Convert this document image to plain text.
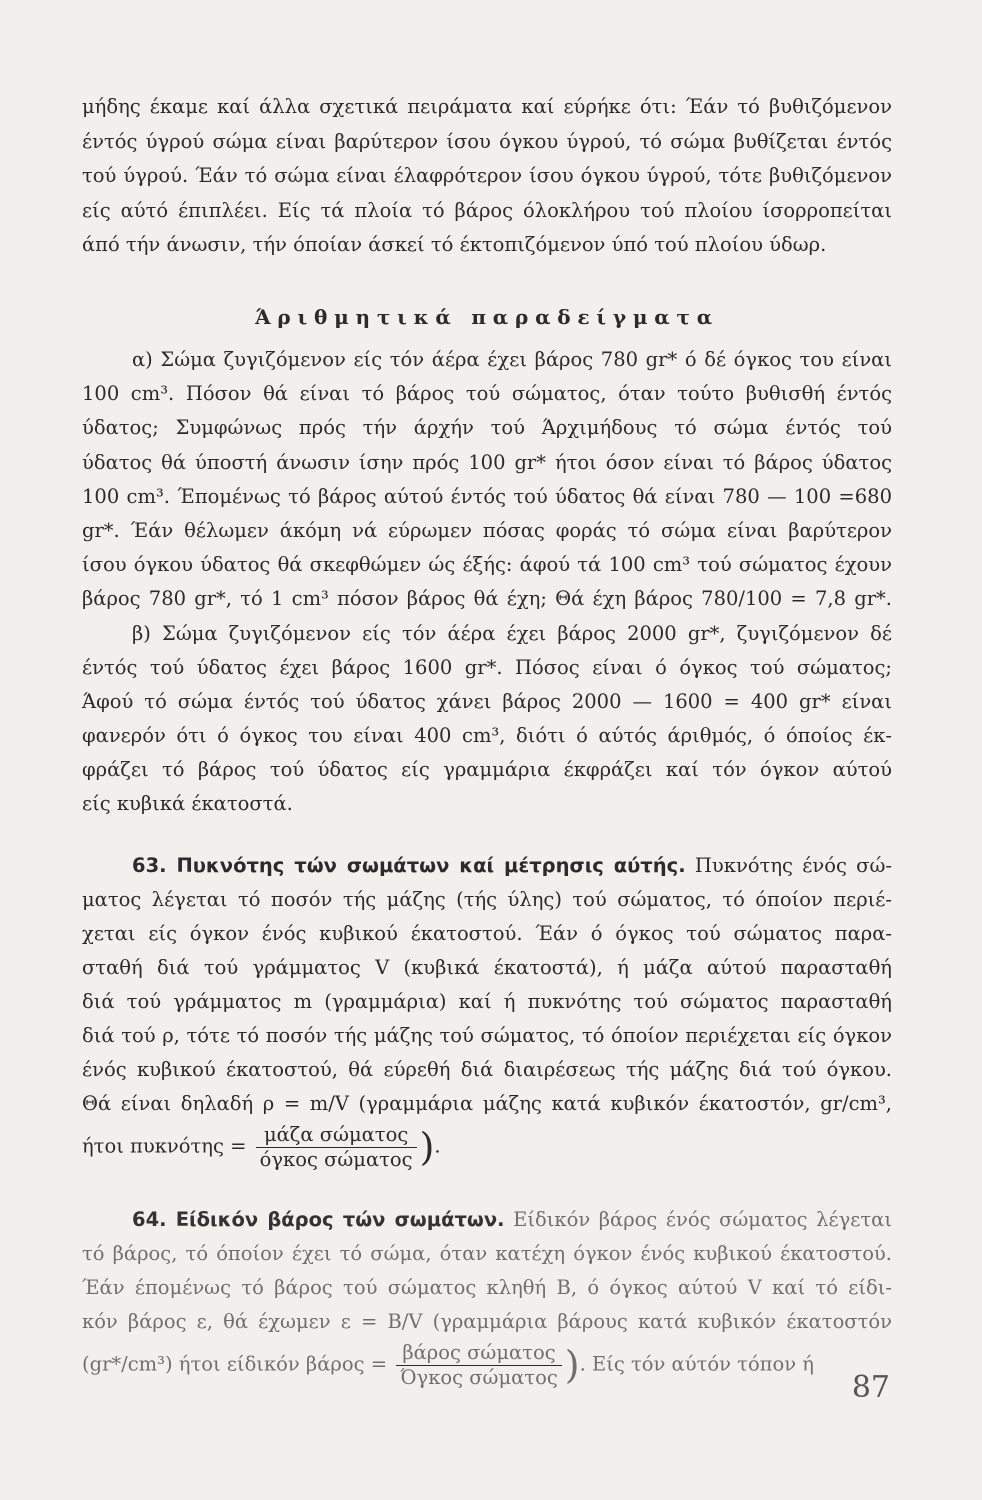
μήδης έκαμε καί άλλα σχετικά πειράματα καί εύρήκε ότι: Έάν τό βυθιζόμενον
έντός ύγρού σώμα είναι βαρύτερον ίσου όγκου ύγρού, τό σώμα βυθίζεται έντός
τού ύγρού. Έάν τό σώμα είναι έλαφρότερον ίσου όγκου ύγρού, τότε βυθιζόμενον
είς αύτό έπιπλέει. Είς τά πλοία τό βάρος όλοκλήρου τού πλοίου ίσορροπείται
άπό τήν άνωσιν, τήν όποίαν άσκεί τό έκτοπιζόμενον ύπό τού πλοίου ύδωρ.
Άριθμητικά παραδείγματα
α) Σώμα ζυγιζόμενον είς τόν άέρα έχει βάρος 780 gr* ό δέ όγκος του είναι
100 cm³. Πόσον θά είναι τό βάρος τού σώματος, όταν τούτο βυθισθή έντός
ύδατος; Συμφώνως πρός τήν άρχήν τού Άρχιμήδους τό σώμα έντός τού
ύδατος θά ύποστή άνωσιν ίσην πρός 100 gr* ήτοι όσον είναι τό βάρος ύδατος
100 cm³. Έπομένως τό βάρος αύτού έντός τού ύδατος θά είναι 780 — 100 =680
gr*. Έάν θέλωμεν άκόμη νά εύρωμεν πόσας φοράς τό σώμα είναι βαρύτερον
ίσου όγκου ύδατος θά σκεφθώμεν ώς έξής: άφού τά 100 cm³ τού σώματος έχουν
βάρος 780 gr*, τό 1 cm³ πόσον βάρος θά έχη; Θά έχη βάρος 780/100 = 7,8 gr*.
β) Σώμα ζυγιζόμενον είς τόν άέρα έχει βάρος 2000 gr*, ζυγιζόμενον δέ
έντός τού ύδατος έχει βάρος 1600 gr*. Πόσος είναι ό όγκος τού σώματος;
Άφού τό σώμα έντός τού ύδατος χάνει βάρος 2000 — 1600 = 400 gr* είναι
φανερόν ότι ό όγκος του είναι 400 cm³, διότι ό αύτός άριθμός, ό όποίος έκ-
φράζει τό βάρος τού ύδατος είς γραμμάρια έκφράζει καί τόν όγκον αύτού
είς κυβικά έκατοστά.
63. Πυκνότης τών σωμάτων καί μέτρησις αύτής. Πυκνότης ένός σώ-
ματος λέγεται τό ποσόν τής μάζης (τής ύλης) τού σώματος, τό όποίον περιέ-
χεται είς όγκον ένός κυβικού έκατοστού. Έάν ό όγκος τού σώματος παρα-
σταθή διά τού γράμματος V (κυβικά έκατοστά), ή μάζα αύτού παρασταθή
διά τού γράμματος m (γραμμάρια) καί ή πυκνότης τού σώματος παρασταθή
διά τού ρ, τότε τό ποσόν τής μάζης τού σώματος, τό όποίον περιέχεται είς όγκον
ένός κυβικού έκατοστού, θά εύρεθή διά διαιρέσεως τής μάζης διά τού όγκου.
Θά είναι δηλαδή ρ = m/V (γραμμάρια μάζης κατά κυβικόν έκατοστόν, gr/cm³,
ήτοι $\pi\upsilon\kappa\nu ό\tau\eta\varsigma = \frac{\text{μάζα σώματος}}{\text{όγκος σώματος}}$ ).
64. Είδικόν βάρος τών σωμάτων. Είδικόν βάρος ένός σώματος λέγεται
τό βάρος, τό όποίον έχει τό σώμα, όταν κατέχη όγκον ένός κυβικού έκατοστού.
Έάν έπομένως τό βάρος τού σώματος κληθή Β, ό όγκος αύτού V καί τό είδι-
κόν βάρος ε, θά έχωμεν ε = Β/V (γραμμάρια βάρους κατά κυβικόν έκατοστόν
(gr*/cm³) ήτοι είδικόν $\beta ά\rho o\varsigma = \frac{\text{βάρος σώματος}}{\text{Όγκος σώματος}}$ ). Είς τόν αύτόν τόπον ή
87
